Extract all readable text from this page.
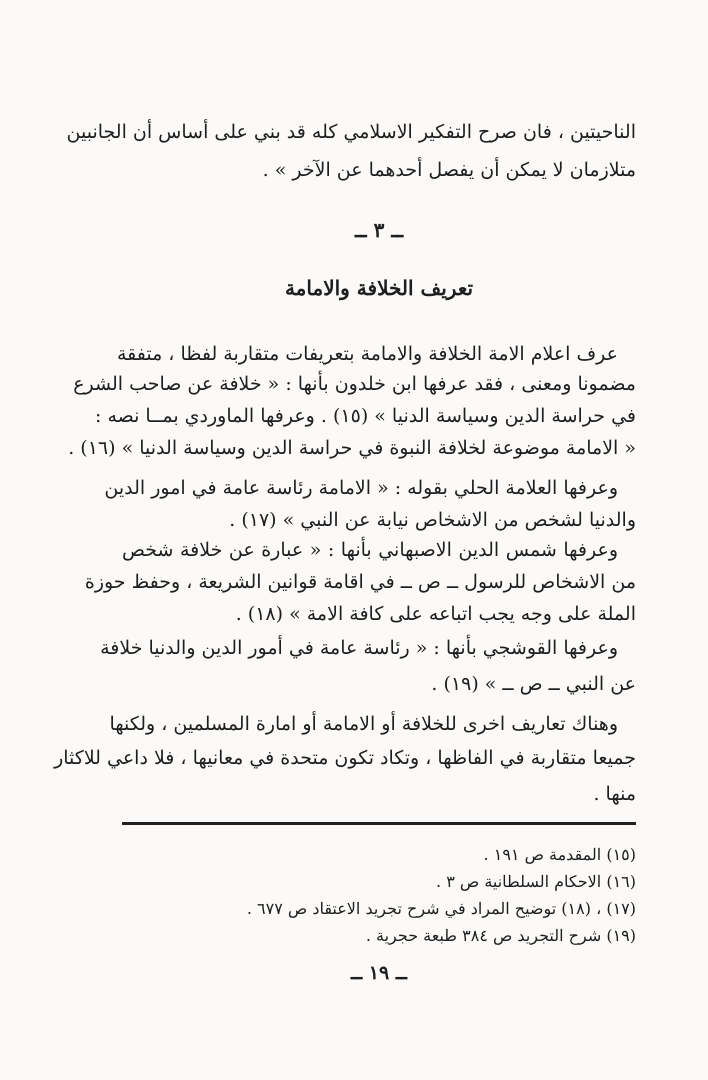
الناحيتين ، فان صرح التفكير الاسلامي كله قد بني على أساس أن الجانبين
متلازمان لا يمكن أن يفصل أحدهما عن الآخر » .
ــ ٣ ــ
تعريف الخلافة والامامة
عرف اعلام الامة الخلافة والامامة بتعريفات متقاربة لفظا ، متفقة
مضمونا ومعنى ، فقد عرفها ابن خلدون بأنها : « خلافة عن صاحب الشرع
في حراسة الدين وسياسة الدنيا » (١٥) . وعرفها الماوردي بمــا نصه :
« الامامة موضوعة لخلافة النبوة في حراسة الدين وسياسة الدنيا » (١٦) .
وعرفها العلامة الحلي بقوله : « الامامة رئاسة عامة في امور الدين
والدنيا لشخص من الاشخاص نيابة عن النبي » (١٧) .
وعرفها شمس الدين الاصبهاني بأنها : « عبارة عن خلافة شخص
من الاشخاص للرسول ــ ص ــ في اقامة قوانين الشريعة ، وحفظ حوزة
الملة على وجه يجب اتباعه على كافة الامة » (١٨) .
وعرفها القوشجي بأنها : « رئاسة عامة في أمور الدين والدنيا خلافة
عن النبي ــ ص ــ » (١٩) .
وهناك تعاريف اخرى للخلافة أو الامامة أو امارة المسلمين ، ولكنها
جميعا متقاربة في الفاظها ، وتكاد تكون متحدة في معانيها ، فلا داعي للاكثار
منها .
(١٥) المقدمة ص ١٩١ .
(١٦) الاحكام السلطانية ص ٣ .
(١٧) ، (١٨) توضيح المراد في شرح تجريد الاعتقاد ص ٦٧٧ .
(١٩) شرح التجريد ص ٣٨٤ طبعة حجرية .
ــ ١٩ ــ
